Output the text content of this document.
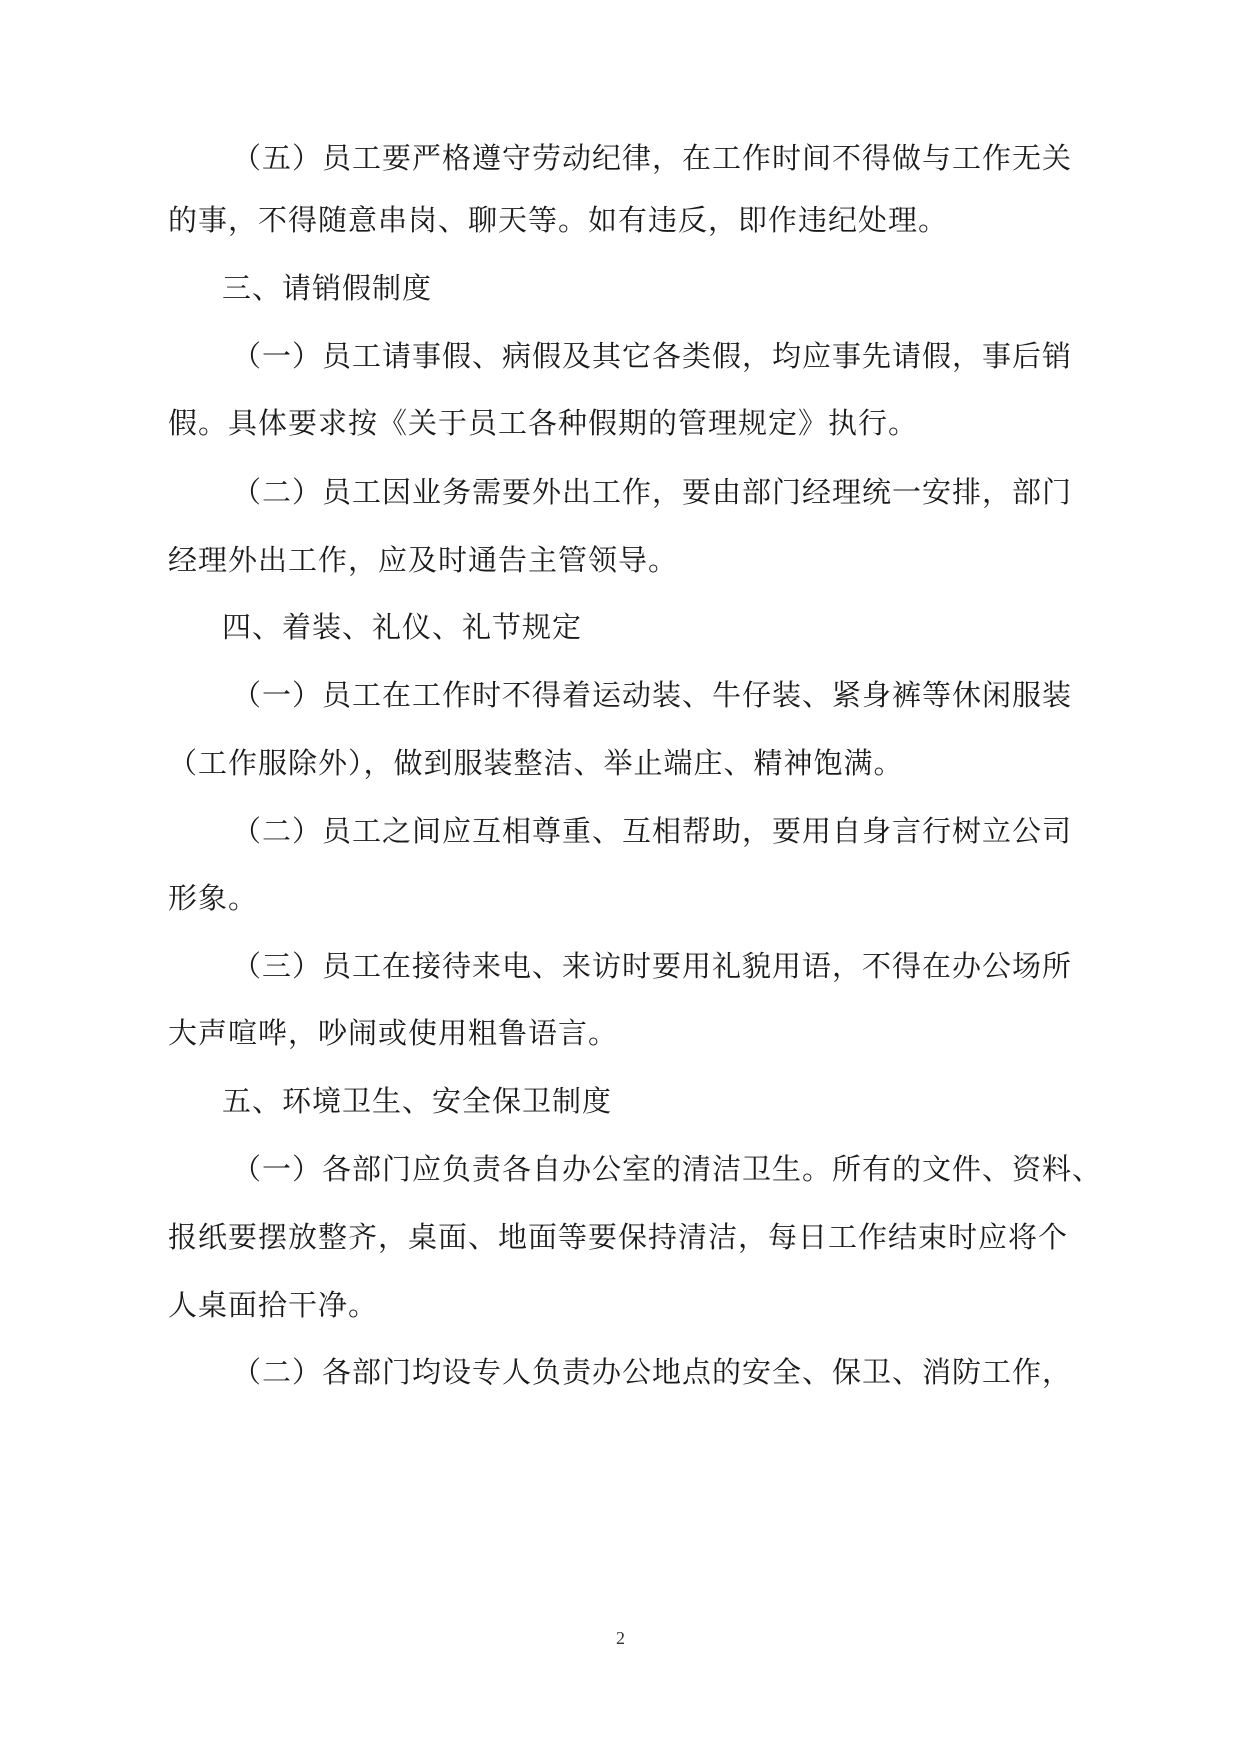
（五）员工要严格遵守劳动纪律，在工作时间不得做与工作无关
的事，不得随意串岗、聊天等。如有违反，即作违纪处理。
三、请销假制度
（一）员工请事假、病假及其它各类假，均应事先请假，事后销
假。具体要求按《关于员工各种假期的管理规定》执行。
（二）员工因业务需要外出工作，要由部门经理统一安排，部门
经理外出工作，应及时通告主管领导。
四、着装、礼仪、礼节规定
（一）员工在工作时不得着运动装、牛仔装、紧身裤等休闲服装
（工作服除外），做到服装整洁、举止端庄、精神饱满。
（二）员工之间应互相尊重、互相帮助，要用自身言行树立公司
形象。
（三）员工在接待来电、来访时要用礼貌用语，不得在办公场所
大声喧哗，吵闹或使用粗鲁语言。
五、环境卫生、安全保卫制度
（一）各部门应负责各自办公室的清洁卫生。所有的文件、资料、
报纸要摆放整齐，桌面、地面等要保持清洁，每日工作结束时应将个
人桌面拾干净。
（二）各部门均设专人负责办公地点的安全、保卫、消防工作，
2
